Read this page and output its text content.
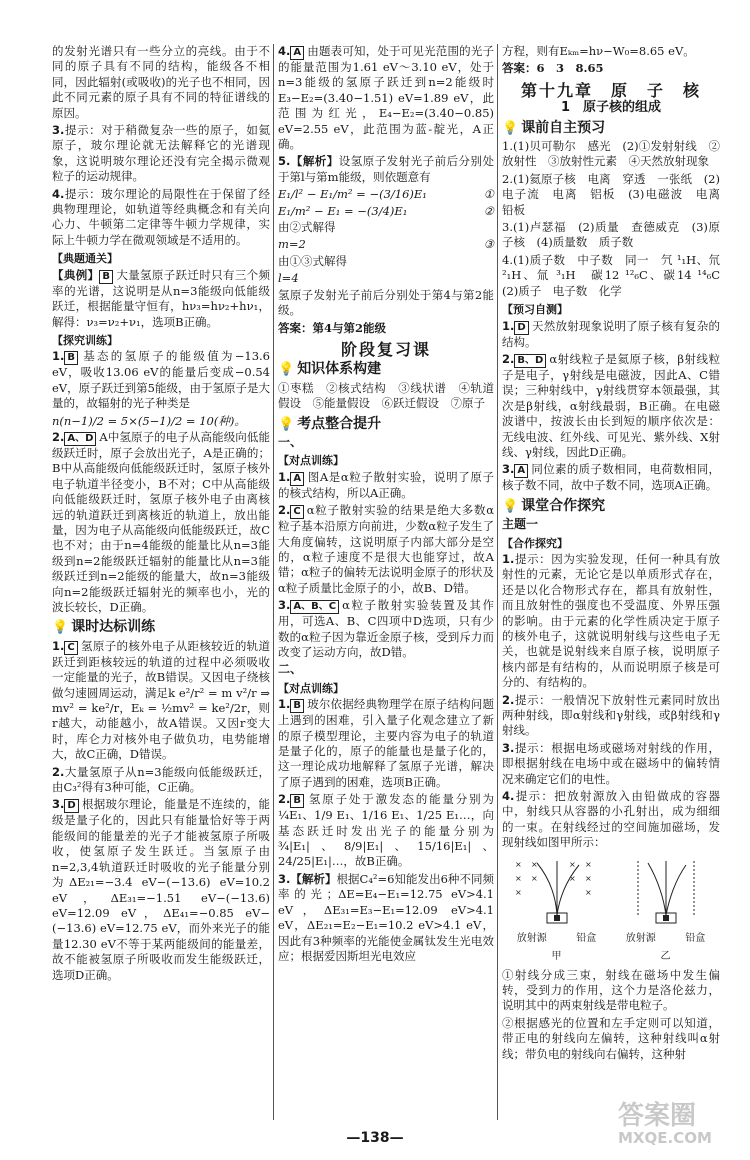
的发射光谱只有一些分立的亮线。由于不同的原子具有不同的结构，能级各不相同，因此辐射(或吸收)的光子也不相同，因此不同元素的原子具有不同的特征谱线的原因。

3.提示：对于稍微复杂一些的原子，如氦原子，玻尔理论就无法解释它的光谱现象，这说明玻尔理论还没有完全揭示微观粒子的运动规律。

4.提示：玻尔理论的局限性在于保留了经典物理理论，如轨道等经典概念和有关向心力、牛顿第二定律等牛顿力学规律，实际上牛顿力学在微观领域是不适用的。

【典题通关】

【典例】 B 大量氢原子跃迁时只有三个频率的光谱，这说明是从n=3能级向低能级跃迁，根据能量守恒有，hν₃=hν₂+hν₁，解得：ν₃=ν₂+ν₁，选项B正确。

【探究训练】

1. B 基态的氢原子的能级值为−13.6 eV，吸收13.06 eV的能量后变成−0.54 eV，原子跃迁到第5能级，由于氢原子是大量的，故辐射的光子种类是

n(n−1)/2 = 5×(5−1)/2 = 10(种)。

2. A、D A中氢原子的电子从高能级向低能级跃迁时，原子会放出光子，A是正确的；B中从高能级向低能级跃迁时，氢原子核外电子轨道半径变小，B不对；C中从高能级向低能级跃迁时，氢原子核外电子由离核远的轨道跃迁到离核近的轨道上，放出能量，因为电子从高能级向低能级跃迁，故C也不对；由于n=4能级的能量比从n=3能级到n=2能级跃迁辐射的能量比从n=3能级跃迁到n=2能级的能量大，故n=3能级向n=2能级跃迁辐射光的频率也小，光的波长较长，D正确。

💡 课时达标训练

1. C 氢原子的核外电子从距核较近的轨道跃迁到距核较远的轨道的过程中必须吸收一定能量的光子，故B错误。又因电子绕核做匀速圆周运动，满足k e²/r² = m v²/r ⇒ mv² = ke²/r，Eₖ = ½mv² = ke²/2r，则r越大，动能越小，故A错误。又因r变大时，库仑力对核外电子做负功，电势能增大，故C正确，D错误。

2.大量氢原子从n=3能级向低能级跃迁，由C₃²得有3种可能，C正确。

3. D 根据玻尔理论，能量是不连续的，能级是量子化的，因此只有能量恰好等于两能级间的能量差的光子才能被氢原子所吸收，使氢原子发生跃迁。当氢原子由n=2,3,4轨道跃迁时吸收的光子能量分别为ΔE₂₁=−3.4 eV−(−13.6) eV=10.2 eV，ΔE₃₁=−1.51 eV−(−13.6) eV=12.09 eV，ΔE₄₁=−0.85 eV−(−13.6) eV=12.75 eV，而外来光子的能量12.30 eV不等于某两能级间的能量差，故不能被氢原子所吸收而发生能级跃迁，选项D正确。

4. A 由题表可知，处于可见光范围的光子的能量范围为1.61 eV～3.10 eV，处于n=3能级的氢原子跃迁到n=2能级时E₃−E₂=(3.40−1.51) eV=1.89 eV，此范围为红光，E₄−E₂=(3.40−0.85) eV=2.55 eV，此范围为蓝-靛光，A正确。

5.【解析】设氢原子发射光子前后分别处于第l与第m能级，则依题意有

E₁/l² − E₁/m² = −(3/16)E₁	①
E₁/m² − E₁ = −(3/4)E₁	②

由②式解得

m=2	③

由①③式解得

l=4

氢原子发射光子前后分别处于第4与第2能级。

答案：第4与第2能级

阶段复习课
💡 知识体系构建

①枣糕　②核式结构　③线状谱　④轨道假设　⑤能量假设　⑥跃迁假设　⑦原子

💡 考点整合提升
一、
【对点训练】

1. A 图A是α粒子散射实验，说明了原子的核式结构，所以A正确。

2. C α粒子散射实验的结果是绝大多数α粒子基本沿原方向前进，少数α粒子发生了大角度偏转，这说明原子内部大部分是空的，α粒子速度不是很大也能穿过，故A错；α粒子的偏转无法说明金原子的形状及α粒子质量比金原子的小，故B、D错。

3. A、B、C α粒子散射实验装置及其作用，可选A、B、C四项中D选项，只有少数的α粒子因为靠近金原子核，受到斥力而改变了运动方向，故D错。

二、
【对点训练】

1. B 玻尔依据经典物理学在原子结构问题上遇到的困难，引入量子化观念建立了新的原子模型理论，主要内容为电子的轨道是量子化的，原子的能量也是量子化的，这一理论成功地解释了氢原子光谱，解决了原子遇到的困难，选项B正确。

2. B 氢原子处于激发态的能量分别为 ¼E₁、1/9 E₁、1/16 E₁、1/25 E₁…，向基态跃迁时发出光子的能量分别为 ¾|E₁|、8/9|E₁|、15/16|E₁|、24/25|E₁|…，故B正确。

3.【解析】根据C₄²=6知能发出6种不同频率的光；ΔE=E₄−E₁=12.75 eV>4.1 eV，ΔE₃₁=E₃−E₁=12.09 eV>4.1 eV，ΔE₂₁=E₂−E₁=10.2 eV>4.1 eV，因此有3种频率的光能使金属钛发生光电效应；根据爱因斯坦光电效应

方程，则有Eₖₘ=hν−W₀=8.65 eV。

答案：6　3　8.65

第十九章　原　子　核
1　原子核的组成
💡 课前自主预习

1.(1)贝可勒尔　感光　(2)①发射射线　②放射性　③放射性元素　④天然放射现象

2.(1)氦原子核　电离　穿透　一张纸　(2)电子流　电离　铝板　(3)电磁波　电离　铅板

3.(1)卢瑟福　(2)质量　查德威克　(3)原子核　(4)质量数　质子数

4.(1)质子数　中子数　同一　氕 ¹₁H、氘 ²₁H、氚 ³₁H　碳12 ¹²₆C、碳14 ¹⁴₆C　(2)质子　电子数　化学

【预习自测】

1. D 天然放射现象说明了原子核有复杂的结构。

2. B、D α射线粒子是氦原子核，β射线粒子是电子，γ射线是电磁波，因此A、C错误；三种射线中，γ射线贯穿本领最强，其次是β射线，α射线最弱，B正确。在电磁波谱中，按波长由长到短的顺序依次是：无线电波、红外线、可见光、紫外线、X射线、γ射线，因此D正确。

3. A 同位素的质子数相同，电荷数相同，核子数不同，故中子数不同，选项A正确。

💡 课堂合作探究
主题一
【合作探究】

1.提示：因为实验发现，任何一种具有放射性的元素，无论它是以单质形式存在，还是以化合物形式存在，都具有放射性，而且放射性的强度也不受温度、外界压强的影响。由于元素的化学性质决定于原子的核外电子，这就说明射线与这些电子无关，也就是说射线来自原子核，说明原子核内部是有结构的，从而说明原子核是可分的、有结构的。

2.提示：一般情况下放射性元素同时放出两种射线，即α射线和γ射线，或β射线和γ射线。

3.提示：根据电场或磁场对射线的作用，即根据射线在电场中或在磁场中的偏转情况来确定它们的电性。

4.提示：把放射源放入由铅做成的容器中，射线只从容器的小孔射出，成为细细的一束。在射线经过的空间施加磁场，发现射线如图甲所示：

× ×	× ×
× ×	× ×
×	×
放射源	铅盒	放射源	铅盒
甲	乙

①射线分成三束，射线在磁场中发生偏转，受到力的作用，这个力是洛伦兹力，说明其中的两束射线是带电粒子。

②根据感光的位置和左手定则可以知道，带正电的射线向左偏转，这种射线叫α射线；带负电的射线向右偏转，这种射

—138—
答案圈
MXQE.COM
